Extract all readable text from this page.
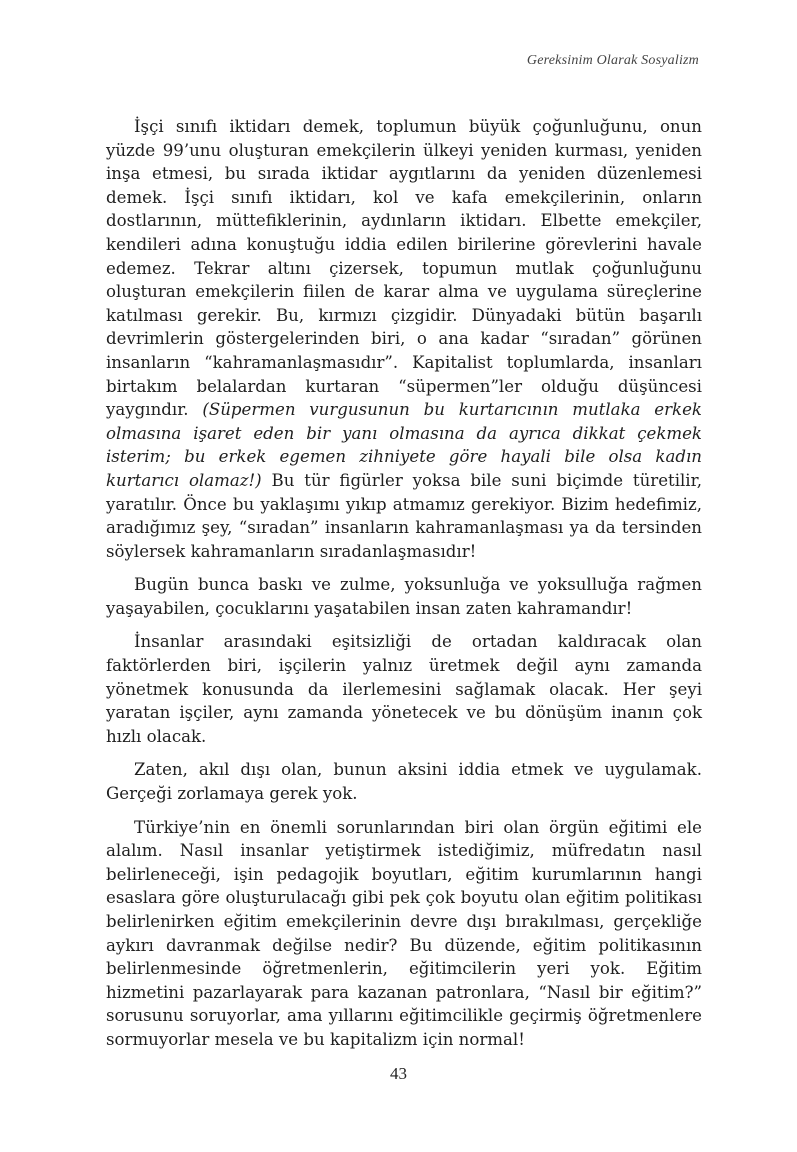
Gereksinim Olarak Sosyalizm

İşçi sınıfı iktidarı demek, toplumun büyük çoğunluğunu, onun yüzde 99’unu oluşturan emekçilerin ülkeyi yeniden kurması, yeniden inşa etmesi, bu sırada iktidar aygıtlarını da yeniden düzenlemesi demek. İşçi sınıfı iktidarı, kol ve kafa emekçilerinin, onların dostlarının, müttefiklerinin, aydınların iktidarı. Elbette emekçiler, kendileri adına konuştuğu iddia edilen birilerine görevlerini havale edemez. Tekrar altını çizersek, topumun mutlak çoğunluğunu oluşturan emekçilerin fiilen de karar alma ve uygulama süreçlerine katılması gerekir. Bu, kırmızı çizgidir. Dünyadaki bütün başarılı devrimlerin göstergelerinden biri, o ana kadar “sıradan” görünen insanların “kahramanlaşmasıdır”. Kapitalist toplumlarda, insanları birtakım belalardan kurtaran “süpermen”ler olduğu düşüncesi yaygındır. (Süpermen vurgusunun bu kurtarıcının mutlaka erkek olmasına işaret eden bir yanı olmasına da ayrıca dikkat çekmek isterim; bu erkek egemen zihniyete göre hayali bile olsa kadın kurtarıcı olamaz!) Bu tür figürler yoksa bile suni biçimde türetilir, yaratılır. Önce bu yaklaşımı yıkıp atmamız gerekiyor. Bizim hedefimiz, aradığımız şey, “sıradan” insanların kahramanlaşması ya da tersinden söylersek kahramanların sıradanlaşmasıdır!

Bugün bunca baskı ve zulme, yoksunluğa ve yoksulluğa rağmen yaşayabilen, çocuklarını yaşatabilen insan zaten kahramandır!

İnsanlar arasındaki eşitsizliği de ortadan kaldıracak olan faktörlerden biri, işçilerin yalnız üretmek değil aynı zamanda yönetmek konusunda da ilerlemesini sağlamak olacak. Her şeyi yaratan işçiler, aynı zamanda yönetecek ve bu dönüşüm inanın çok hızlı olacak.

Zaten, akıl dışı olan, bunun aksini iddia etmek ve uygulamak. Gerçeği zorlamaya gerek yok.

Türkiye’nin en önemli sorunlarından biri olan örgün eğitimi ele alalım. Nasıl insanlar yetiştirmek istediğimiz, müfredatın nasıl belirleneceği, işin pedagojik boyutları, eğitim kurumlarının hangi esaslara göre oluşturulacağı gibi pek çok boyutu olan eğitim politikası belirlenirken eğitim emekçilerinin devre dışı bırakılması, gerçekliğe aykırı davranmak değilse nedir? Bu düzende, eğitim politikasının belirlenmesinde öğretmenlerin, eğitimcilerin yeri yok. Eğitim hizmetini pazarlayarak para kazanan patronlara, “Nasıl bir eğitim?” sorusunu soruyorlar, ama yıllarını eğitimcilikle geçirmiş öğretmenlere sormuyorlar mesela ve bu kapitalizm için normal!

43
